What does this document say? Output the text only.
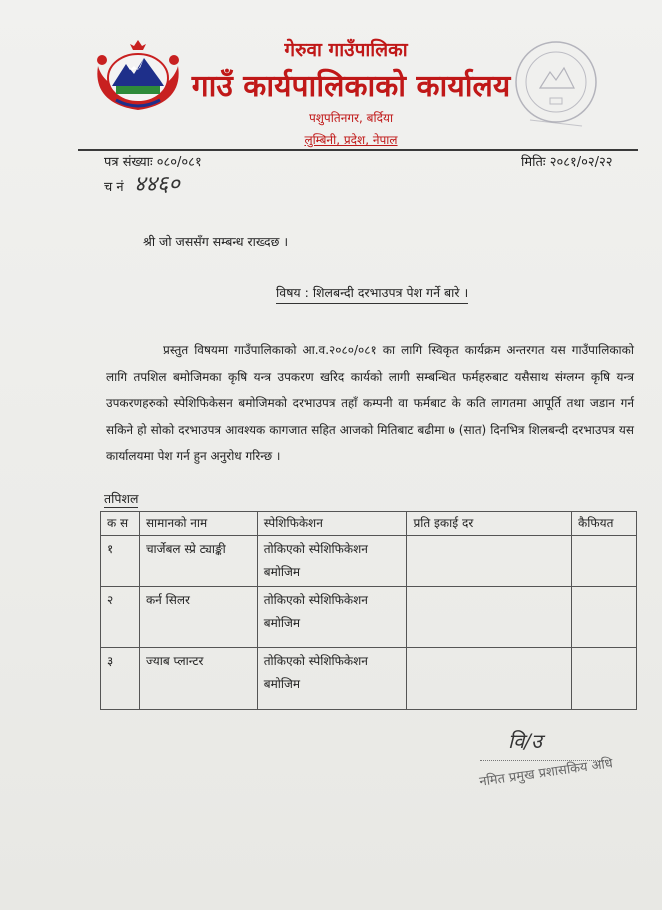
गेरुवा गाउँपालिका
गाउँ कार्यपालिकाको कार्यालय
पशुपतिनगर, बर्दिया
लुम्बिनी, प्रदेश, नेपाल
पत्र संख्याः ०८०/०८१	मितिः २०८१/०२/२२
च नं ४४६०
श्री जो जससँग सम्बन्ध राख्दछ ।
विषय : शिलबन्दी दरभाउपत्र पेश गर्ने बारे ।

प्रस्तुत विषयमा गाउँपालिकाको आ.व.२०८०/०८१ का लागि स्विकृत कार्यक्रम अन्तरगत यस गाउँपालिकाको लागि तपशिल बमोजिमका कृषि यन्त्र उपकरण खरिद कार्यको लागी सम्बन्धित फर्महरुबाट यसैसाथ संग्लग्न कृषि यन्त्र उपकरणहरुको स्पेशिफिकेसन बमोजिमको दरभाउपत्र तहाँ कम्पनी वा फर्मबाट के कति लागतमा आपूर्ति तथा जडान गर्न सकिने हो सोको दरभाउपत्र आवश्यक कागजात सहित आजको मितिबाट बढीमा ७ (सात) दिनभित्र शिलबन्दी दरभाउपत्र यस कार्यालयमा पेश गर्न हुन अनुरोध गरिन्छ ।

तपिशल
क स	सामानको नाम	स्पेशिफिकेशन	प्रति इकाई दर	कैफियत
१	चार्जेबल स्प्रे ट्याङ्की	तोकिएको स्पेशिफिकेशन बमोजिम		
२	कर्न सिलर	तोकिएको स्पेशिफिकेशन बमोजिम		
३	ज्याब प्लान्टर	तोकिएको स्पेशिफिकेशन बमोजिम		
वि/उ
नमित प्रमुख प्रशासकिय अधि
